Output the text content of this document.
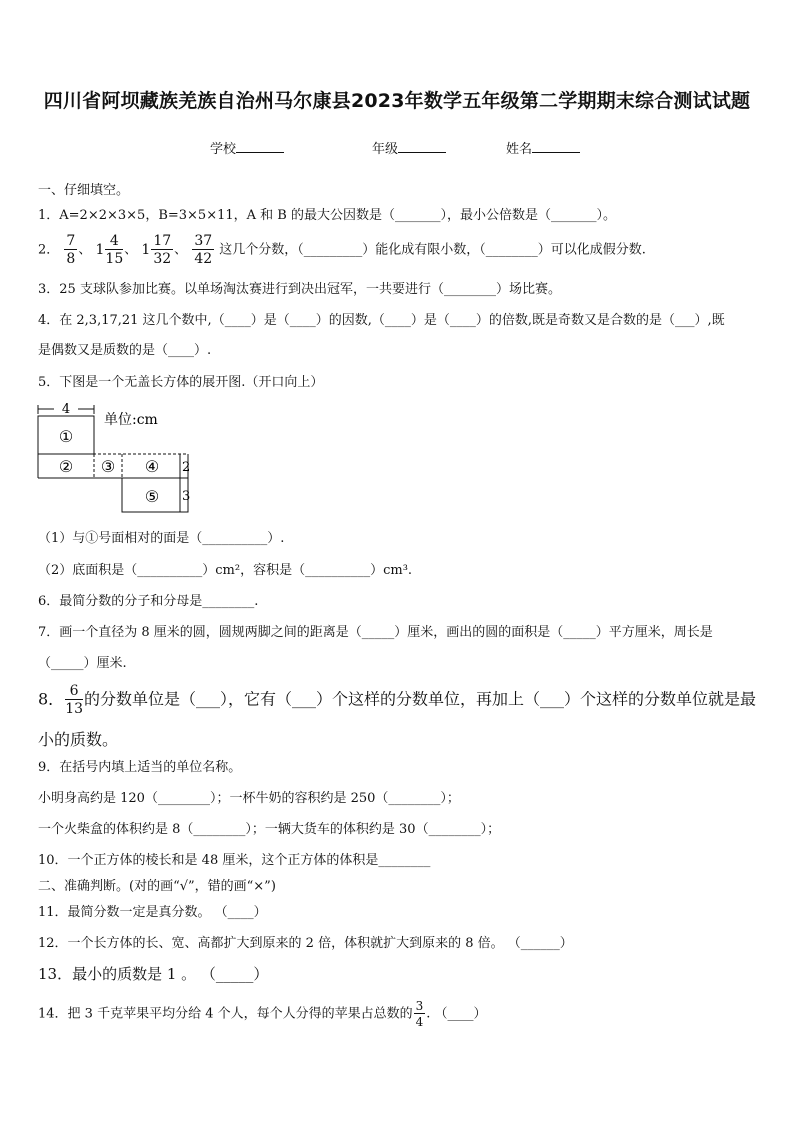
四川省阿坝藏族羌族自治州马尔康县2023年数学五年级第二学期期末综合测试试题
学校	年级	姓名
一、仔细填空。
1．A=2×2×3×5，B=3×5×11，A 和 B 的最大公因数是（_______），最小公倍数是（_______）。
2． $\frac{7}{8}$ 、 $1 \frac{4}{15}$ 、 $1 \frac{17}{32}$ 、 $\frac{37}{42}$ 这几个分数，（_________）能化成有限小数，（________）可以化成假分数.
3．25 支球队参加比赛。以单场淘汰赛进行到决出冠军，一共要进行（________）场比赛。
4．在 2,3,17,21 这几个数中,（____）是（____）的因数,（____）是（____）的倍数,既是奇数又是合数的是（___）,既
是偶数又是质数的是（____）.
5．下图是一个无盖长方体的展开图.（开口向上）
4
单位:cm
①
② ③ ④
⑤
2
3
（1）与①号面相对的面是（__________）.
（2）底面积是（__________）cm²，容积是（__________）cm³.
6．最简分数的分子和分母是________.
7．画一个直径为 8 厘米的圆，圆规两脚之间的距离是（_____）厘米，画出的圆的面积是（_____）平方厘米，周长是
（_____）厘米.
8． $\frac{6}{13}$ 的分数单位是（___），它有（___）个这样的分数单位，再加上（___）个这样的分数单位就是最
小的质数。
9．在括号内填上适当的单位名称。
小明身高约是 120（________）；一杯牛奶的容积约是 250（________）；
一个火柴盒的体积约是 8（________）；一辆大货车的体积约是 30（________）；
10．一个正方体的棱长和是 48 厘米，这个正方体的体积是________
二、准确判断。(对的画“√”，错的画“×”)
11．最简分数一定是真分数。 （____）
12．一个长方体的长、宽、高都扩大到原来的 2 倍，体积就扩大到原来的 8 倍。 （______）
13．最小的质数是 1 。 （_____）
14．把 3 千克苹果平均分给 4 个人，每个人分得的苹果占总数的 $\frac{3}{4}$ . （____）
